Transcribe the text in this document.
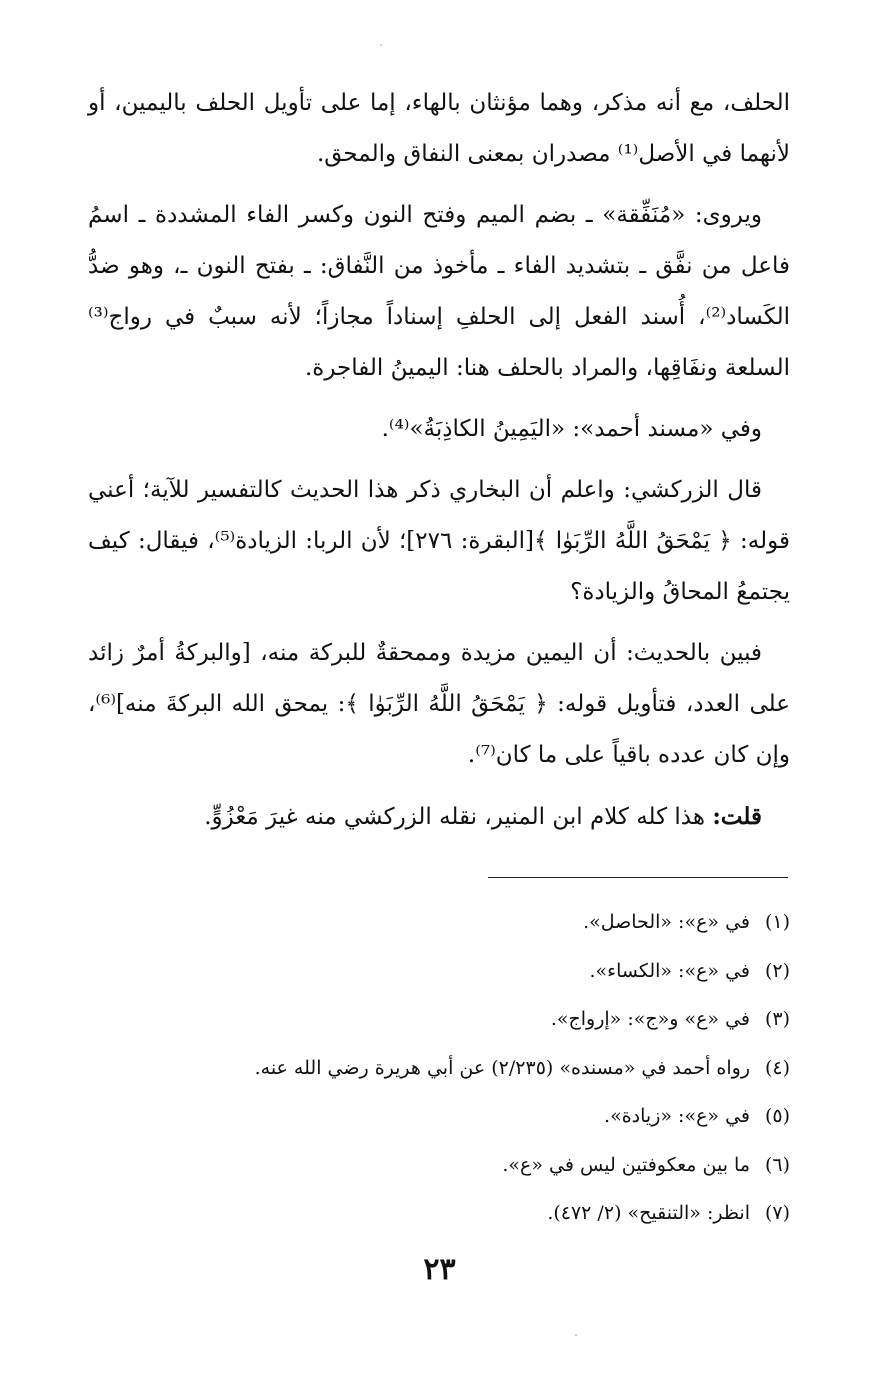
الحلف، مع أنه مذكر، وهما مؤنثان بالهاء، إما على تأويل الحلف باليمين، أو لأنهما في الأصل⁽¹⁾ مصدران بمعنى النفاق والمحق.

ويروى: «مُنَفِّقة» ـ بضم الميم وفتح النون وكسر الفاء المشددة ـ اسمُ فاعل من نفَّق ـ بتشديد الفاء ـ مأخوذ من النَّفاق: ـ بفتح النون ـ، وهو ضدُّ الكَساد⁽²⁾، أُسند الفعل إلى الحلفِ إسناداً مجازاً؛ لأنه سببٌ في رواج⁽³⁾ السلعة ونفَاقِها، والمراد بالحلف هنا: اليمينُ الفاجرة.

وفي «مسند أحمد»: «اليَمِينُ الكاذِبَةُ»⁽⁴⁾.

قال الزركشي: واعلم أن البخاري ذكر هذا الحديث كالتفسير للآية؛ أعني قوله: ﴿ يَمْحَقُ اللَّهُ الرِّبَوٰا ﴾[البقرة: ٢٧٦]؛ لأن الربا: الزيادة⁽⁵⁾، فيقال: كيف يجتمعُ المحاقُ والزيادة؟

فبين بالحديث: أن اليمين مزيدة وممحقةٌ للبركة منه، [والبركةُ أمرٌ زائد على العدد، فتأويل قوله: ﴿ يَمْحَقُ اللَّهُ الرِّبَوٰا ﴾: يمحق الله البركةَ منه]⁽⁶⁾، وإن كان عدده باقياً على ما كان⁽⁷⁾.

قلت: هذا كله كلام ابن المنير، نقله الزركشي منه غيرَ مَعْزُوٍّ.

(١)في «ع»: «الحاصل».
(٢)في «ع»: «الكساء».
(٣)في «ع» و«ج»: «إرواج».
(٤)رواه أحمد في «مسنده» (٢/٢٣٥) عن أبي هريرة رضي الله عنه.
(٥)في «ع»: «زيادة».
(٦)ما بين معكوفتين ليس في «ع».
(٧)انظر: «التنقيح» (٢/ ٤٧٢).
٢٣
